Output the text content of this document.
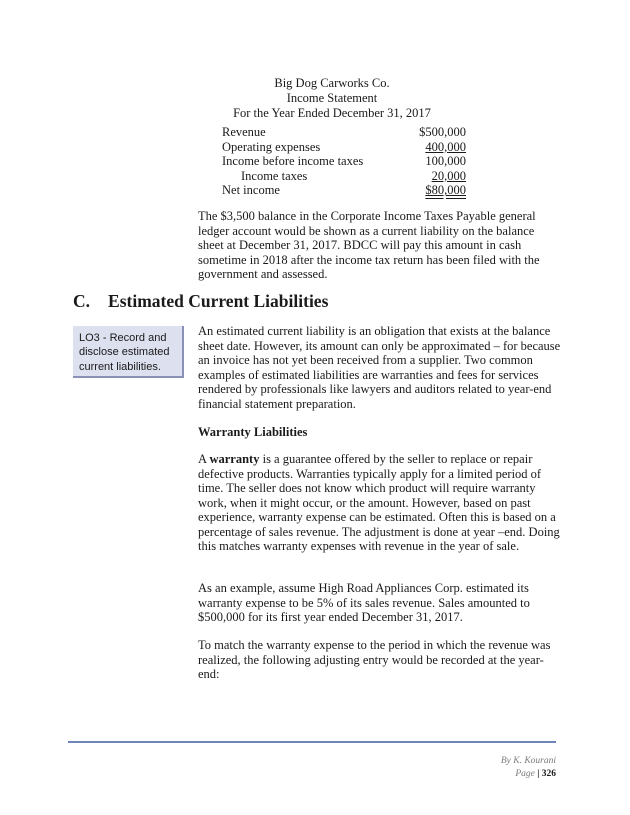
Big Dog Carworks Co.
Income Statement
For the Year Ended December 31, 2017
Revenue	$500,000
Operating expenses	400,000
Income before income taxes	100,000
Income taxes	20,000
Net income	$80,000

The $3,500 balance in the Corporate Income Taxes Payable general ledger account would be shown as a current liability on the balance sheet at December 31, 2017. BDCC will pay this amount in cash sometime in 2018 after the income tax return has been filed with the government and assessed.

C. Estimated Current Liabilities
LO3 - Record and disclose estimated current liabilities.

An estimated current liability is an obligation that exists at the balance sheet date. However, its amount can only be approximated – for because an invoice has not yet been received from a supplier. Two common examples of estimated liabilities are warranties and fees for services rendered by professionals like lawyers and auditors related to year-end financial statement preparation.

Warranty Liabilities

A warranty is a guarantee offered by the seller to replace or repair defective products. Warranties typically apply for a limited period of time. The seller does not know which product will require warranty work, when it might occur, or the amount. However, based on past experience, warranty expense can be estimated. Often this is based on a percentage of sales revenue. The adjustment is done at year –end. Doing this matches warranty expenses with revenue in the year of sale.

As an example, assume High Road Appliances Corp. estimated its warranty expense to be 5% of its sales revenue. Sales amounted to $500,000 for its first year ended December 31, 2017.

To match the warranty expense to the period in which the revenue was realized, the following adjusting entry would be recorded at the year-end:

By K. Kourani
Page | 326
